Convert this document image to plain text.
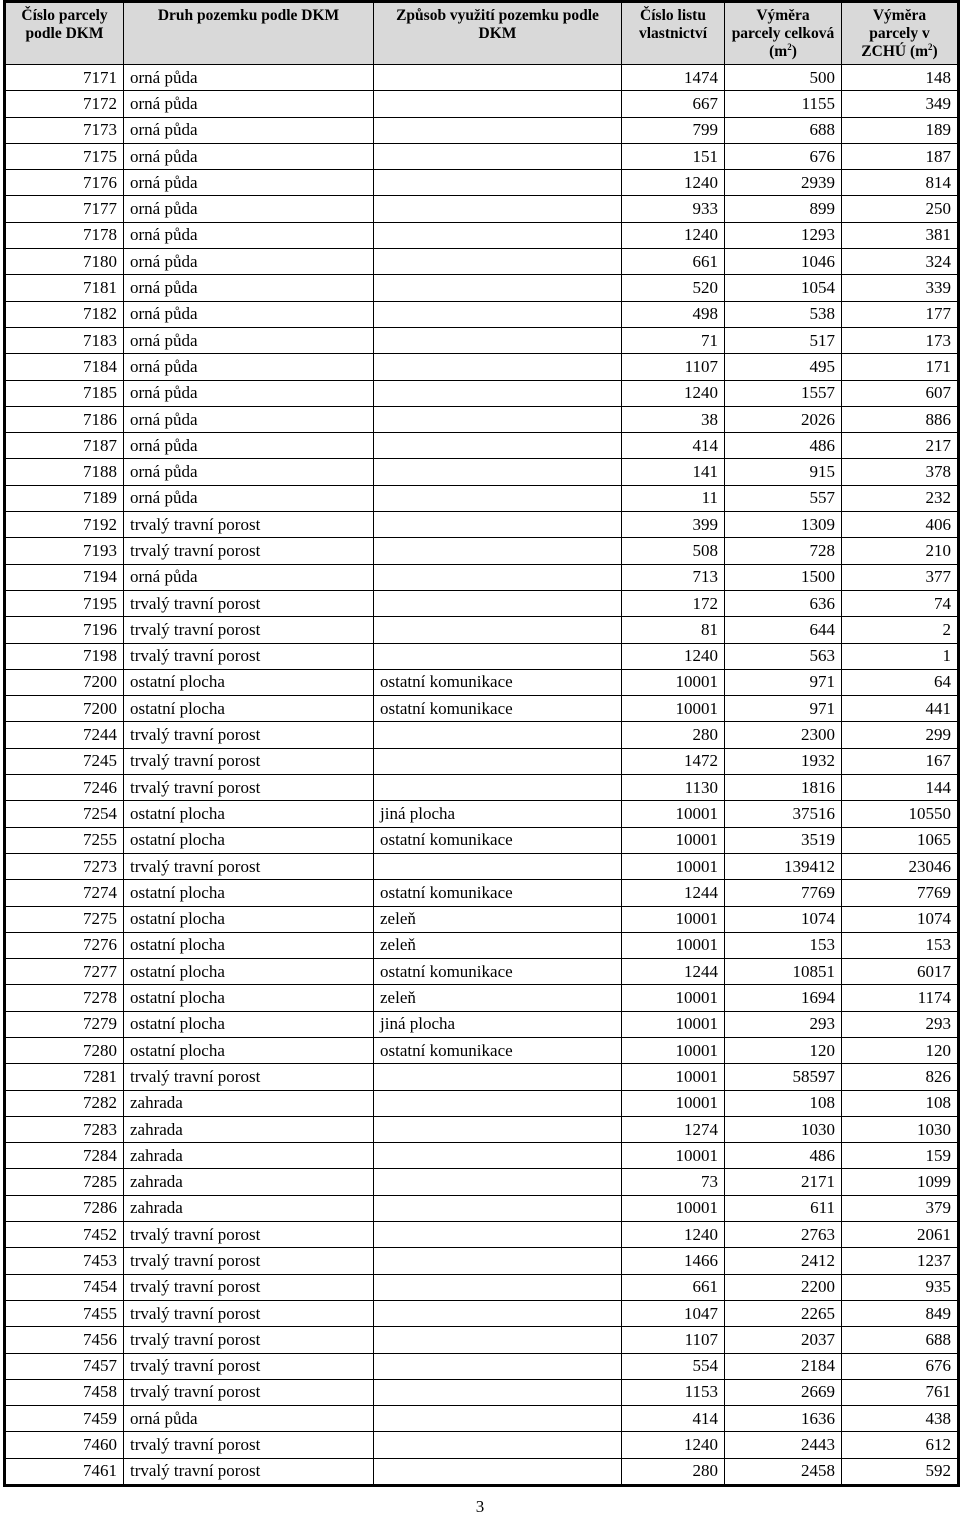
Číslo parcely podle DKM	Druh pozemku podle DKM	Způsob využití pozemku podle DKM	Číslo listu vlastnictví	Výměra parcely celková $(m^2)$	Výměra parcely v ZCHÚ $(m^2)$
7171	orná půda		1474	500	148
7172	orná půda		667	1155	349
7173	orná půda		799	688	189
7175	orná půda		151	676	187
7176	orná půda		1240	2939	814
7177	orná půda		933	899	250
7178	orná půda		1240	1293	381
7180	orná půda		661	1046	324
7181	orná půda		520	1054	339
7182	orná půda		498	538	177
7183	orná půda		71	517	173
7184	orná půda		1107	495	171
7185	orná půda		1240	1557	607
7186	orná půda		38	2026	886
7187	orná půda		414	486	217
7188	orná půda		141	915	378
7189	orná půda		11	557	232
7192	trvalý travní porost		399	1309	406
7193	trvalý travní porost		508	728	210
7194	orná půda		713	1500	377
7195	trvalý travní porost		172	636	74
7196	trvalý travní porost		81	644	2
7198	trvalý travní porost		1240	563	1
7200	ostatní plocha	ostatní komunikace	10001	971	64
7200	ostatní plocha	ostatní komunikace	10001	971	441
7244	trvalý travní porost		280	2300	299
7245	trvalý travní porost		1472	1932	167
7246	trvalý travní porost		1130	1816	144
7254	ostatní plocha	jiná plocha	10001	37516	10550
7255	ostatní plocha	ostatní komunikace	10001	3519	1065
7273	trvalý travní porost		10001	139412	23046
7274	ostatní plocha	ostatní komunikace	1244	7769	7769
7275	ostatní plocha	zeleň	10001	1074	1074
7276	ostatní plocha	zeleň	10001	153	153
7277	ostatní plocha	ostatní komunikace	1244	10851	6017
7278	ostatní plocha	zeleň	10001	1694	1174
7279	ostatní plocha	jiná plocha	10001	293	293
7280	ostatní plocha	ostatní komunikace	10001	120	120
7281	trvalý travní porost		10001	58597	826
7282	zahrada		10001	108	108
7283	zahrada		1274	1030	1030
7284	zahrada		10001	486	159
7285	zahrada		73	2171	1099
7286	zahrada		10001	611	379
7452	trvalý travní porost		1240	2763	2061
7453	trvalý travní porost		1466	2412	1237
7454	trvalý travní porost		661	2200	935
7455	trvalý travní porost		1047	2265	849
7456	trvalý travní porost		1107	2037	688
7457	trvalý travní porost		554	2184	676
7458	trvalý travní porost		1153	2669	761
7459	orná půda		414	1636	438
7460	trvalý travní porost		1240	2443	612
7461	trvalý travní porost		280	2458	592
3
